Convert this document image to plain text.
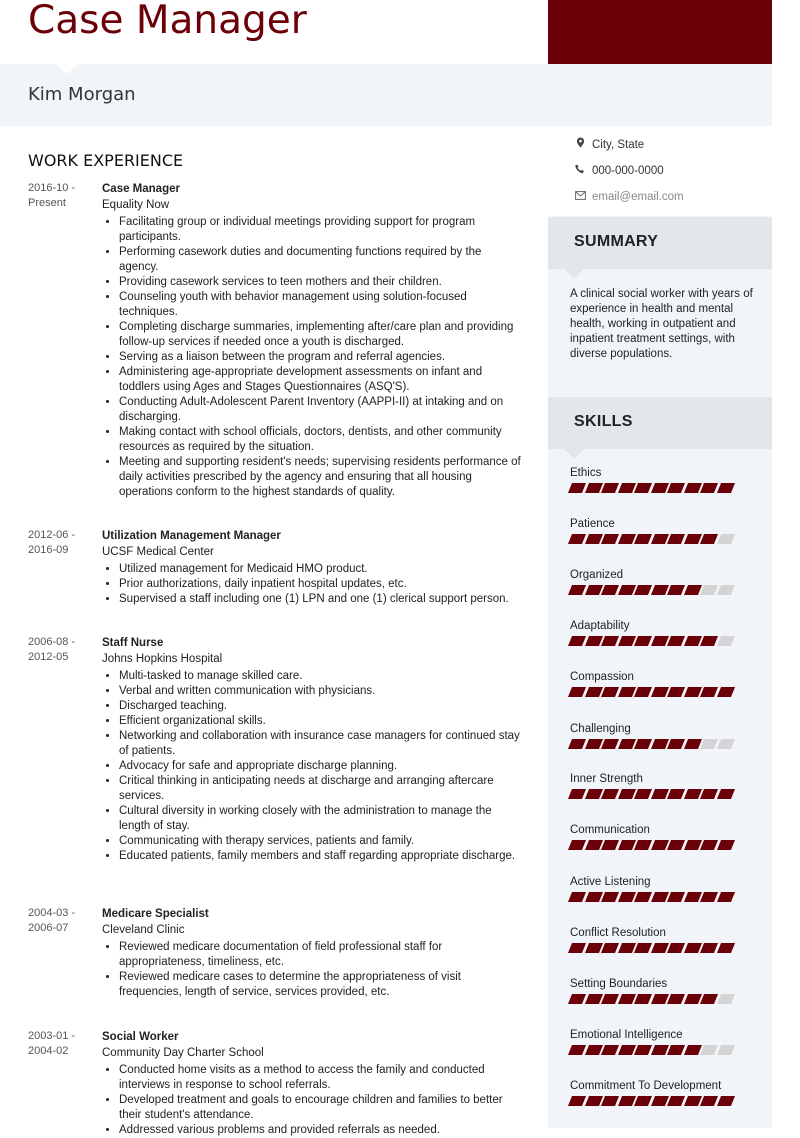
Case Manager
Kim Morgan
WORK EXPERIENCE
2016-10 - Present
Case Manager
Equality Now
• Facilitating group or individual meetings providing support for program participants.
• Performing casework duties and documenting functions required by the agency.
• Providing casework services to teen mothers and their children.
• Counseling youth with behavior management using solution-focused techniques.
• Completing discharge summaries, implementing after/care plan and providing follow-up services if needed once a youth is discharged.
• Serving as a liaison between the program and referral agencies.
• Administering age-appropriate development assessments on infant and toddlers using Ages and Stages Questionnaires (ASQ'S).
• Conducting Adult-Adolescent Parent Inventory (AAPPI-II) at intaking and on discharging.
• Making contact with school officials, doctors, dentists, and other community resources as required by the situation.
• Meeting and supporting resident's needs; supervising residents performance of daily activities prescribed by the agency and ensuring that all housing operations conform to the highest standards of quality.
2012-06 - 2016-09
Utilization Management Manager
UCSF Medical Center
• Utilized management for Medicaid HMO product.
• Prior authorizations, daily inpatient hospital updates, etc.
• Supervised a staff including one (1) LPN and one (1) clerical support person.
2006-08 - 2012-05
Staff Nurse
Johns Hopkins Hospital
• Multi-tasked to manage skilled care.
• Verbal and written communication with physicians.
• Discharged teaching.
• Efficient organizational skills.
• Networking and collaboration with insurance case managers for continued stay of patients.
• Advocacy for safe and appropriate discharge planning.
• Critical thinking in anticipating needs at discharge and arranging aftercare services.
• Cultural diversity in working closely with the administration to manage the length of stay.
• Communicating with therapy services, patients and family.
• Educated patients, family members and staff regarding appropriate discharge.
2004-03 - 2006-07
Medicare Specialist
Cleveland Clinic
• Reviewed medicare documentation of field professional staff for appropriateness, timeliness, etc.
• Reviewed medicare cases to determine the appropriateness of visit frequencies, length of service, services provided, etc.
2003-01 - 2004-02
Social Worker
Community Day Charter School
• Conducted home visits as a method to access the family and conducted interviews in response to school referrals.
• Developed treatment and goals to encourage children and families to better their student's attendance.
• Addressed various problems and provided referrals as needed.
City, State
000-000-0000
email@email.com
SUMMARY
A clinical social worker with years of experience in health and mental health, working in outpatient and inpatient treatment settings, with diverse populations.
SKILLS
Ethics
Patience
Organized
Adaptability
Compassion
Challenging
Inner Strength
Communication
Active Listening
Conflict Resolution
Setting Boundaries
Emotional Intelligence
Commitment To Development
